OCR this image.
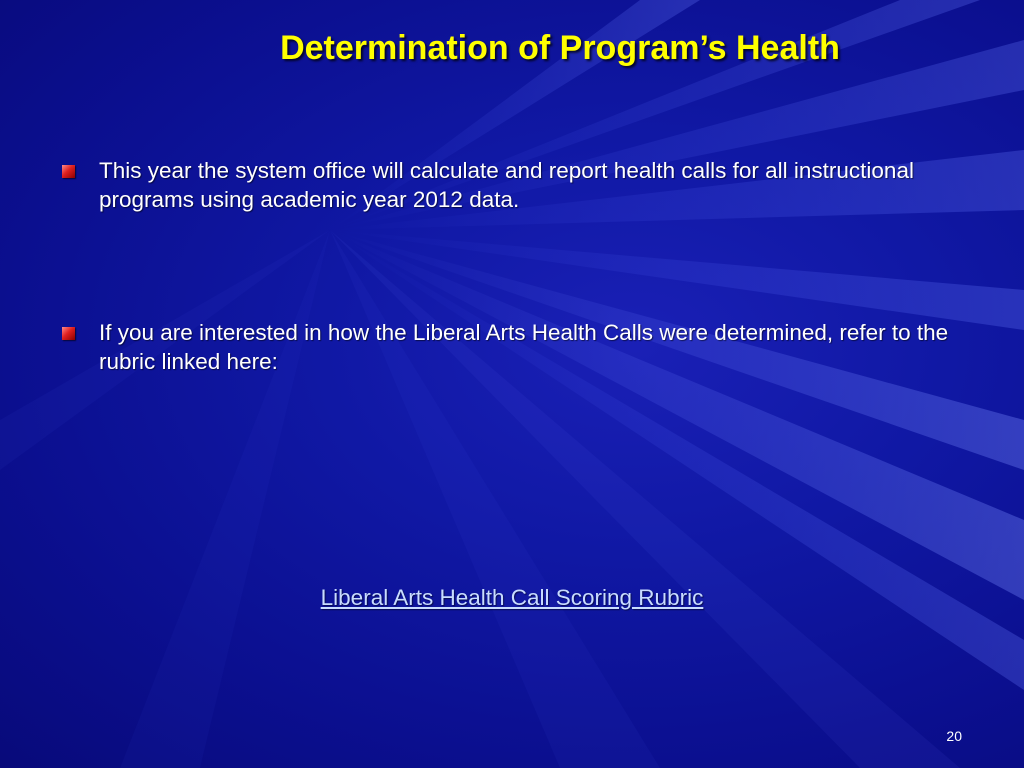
Determination of Program’s Health
This year the system office will calculate and report health calls for all instructional programs using academic year 2012 data.
If you are interested in how the Liberal Arts Health Calls were determined, refer to the rubric linked here:
Liberal Arts Health Call Scoring Rubric
20
